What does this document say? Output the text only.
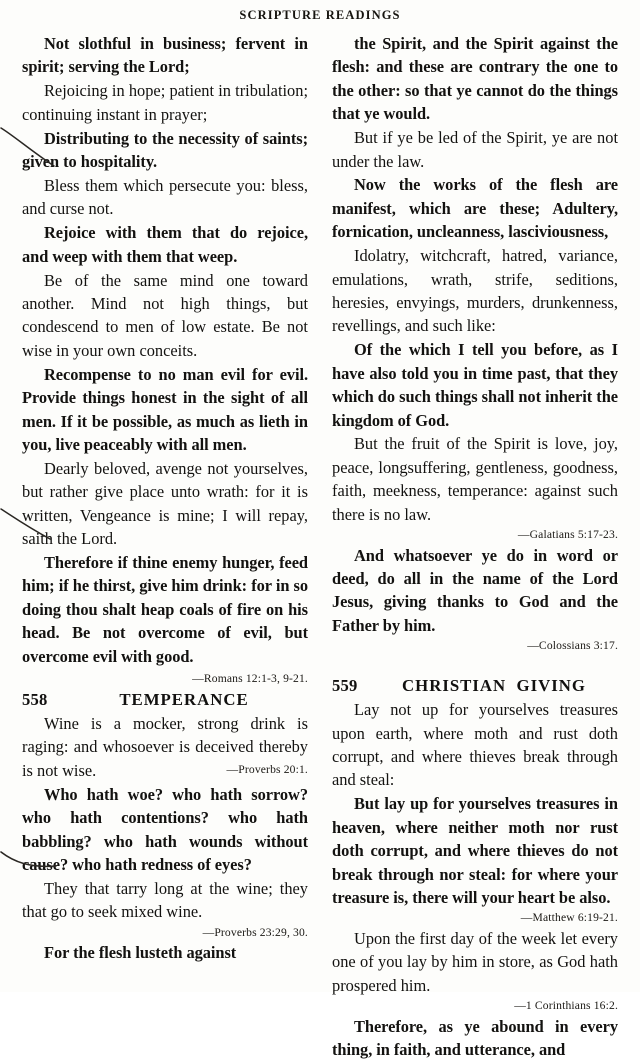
SCRIPTURE READINGS

Not slothful in business; fervent in spirit; serving the Lord;

Rejoicing in hope; patient in tribulation; continuing instant in prayer;

Distributing to the necessity of saints; given to hospitality.

Bless them which persecute you: bless, and curse not.

Rejoice with them that do rejoice, and weep with them that weep.

Be of the same mind one toward another. Mind not high things, but condescend to men of low estate. Be not wise in your own conceits.

Recompense to no man evil for evil. Provide things honest in the sight of all men. If it be possible, as much as lieth in you, live peaceably with all men.

Dearly beloved, avenge not yourselves, but rather give place unto wrath: for it is written, Vengeance is mine; I will repay, saith the Lord.

Therefore if thine enemy hunger, feed him; if he thirst, give him drink: for in so doing thou shalt heap coals of fire on his head. Be not overcome of evil, but overcome evil with good.
—Romans 12:1-3, 9-21.

558	TEMPERANCE

Wine is a mocker, strong drink is raging: and whosoever is deceived thereby is not wise.	—Proverbs 20:1.

Who hath woe? who hath sorrow? who hath contentions? who hath babbling? who hath wounds without cause? who hath redness of eyes?

They that tarry long at the wine; they that go to seek mixed wine.
—Proverbs 23:29, 30.

For the flesh lusteth against

the Spirit, and the Spirit against the flesh: and these are contrary the one to the other: so that ye cannot do the things that ye would.

But if ye be led of the Spirit, ye are not under the law.

Now the works of the flesh are manifest, which are these; Adultery, fornication, uncleanness, lasciviousness,

Idolatry, witchcraft, hatred, variance, emulations, wrath, strife, seditions, heresies, envyings, murders, drunkenness, revellings, and such like:

Of the which I tell you before, as I have also told you in time past, that they which do such things shall not inherit the kingdom of God.

But the fruit of the Spirit is love, joy, peace, longsuffering, gentleness, goodness, faith, meekness, temperance: against such there is no law.
—Galatians 5:17-23.

And whatsoever ye do in word or deed, do all in the name of the Lord Jesus, giving thanks to God and the Father by him.
—Colossians 3:17.

559	CHRISTIAN  GIVING

Lay not up for yourselves treasures upon earth, where moth and rust doth corrupt, and where thieves break through and steal:

But lay up for yourselves treasures in heaven, where neither moth nor rust doth corrupt, and where thieves do not break through nor steal: for where your treasure is, there will your heart be also.
—Matthew 6:19-21.

Upon the first day of the week let every one of you lay by him in store, as God hath prospered him.
—1 Corinthians 16:2.

Therefore, as ye abound in every thing, in faith, and utterance, and
